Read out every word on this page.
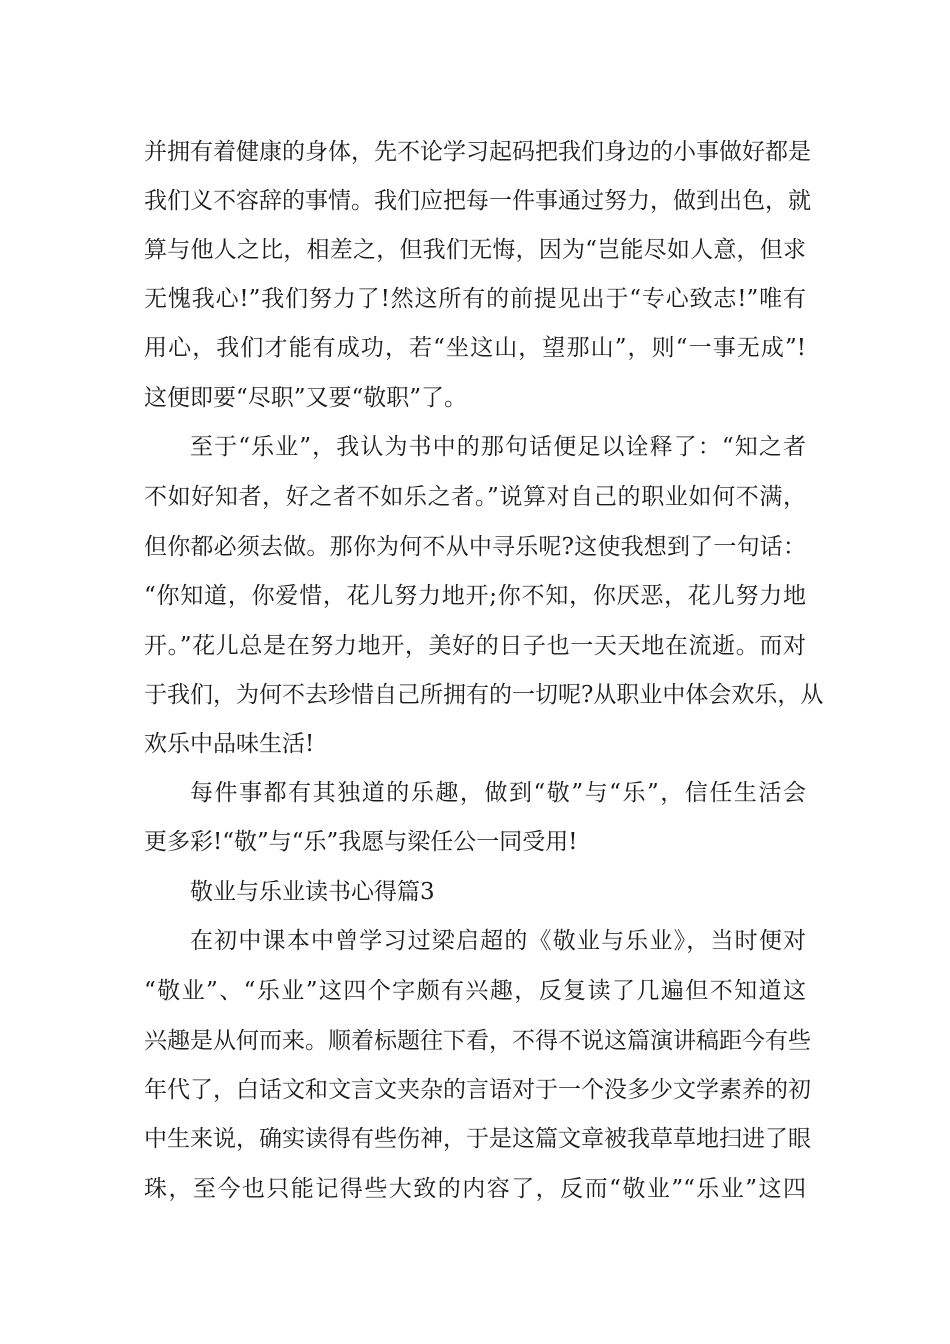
并拥有着健康的身体，先不论学习起码把我们身边的小事做好都是
我们义不容辞的事情。我们应把每一件事通过努力，做到出色，就
算与他人之比，相差之，但我们无悔，因为“岂能尽如人意，但求
无愧我心!”我们努力了!然这所有的前提见出于“专心致志!”唯有
用心，我们才能有成功，若“坐这山，望那山”，则“一事无成”!
这便即要“尽职”又要“敬职”了。
至于“乐业”，我认为书中的那句话便足以诠释了：“知之者
不如好知者，好之者不如乐之者。”说算对自己的职业如何不满，
但你都必须去做。那你为何不从中寻乐呢?这使我想到了一句话：
“你知道，你爱惜，花儿努力地开;你不知，你厌恶，花儿努力地
开。”花儿总是在努力地开，美好的日子也一天天地在流逝。而对
于我们，为何不去珍惜自己所拥有的一切呢?从职业中体会欢乐，从
欢乐中品味生活!
每件事都有其独道的乐趣，做到“敬”与“乐”，信任生活会
更多彩!“敬”与“乐”我愿与梁任公一同受用!
敬业与乐业读书心得篇3
在初中课本中曾学习过梁启超的《敬业与乐业》，当时便对
“敬业”、“乐业”这四个字颇有兴趣，反复读了几遍但不知道这
兴趣是从何而来。顺着标题往下看，不得不说这篇演讲稿距今有些
年代了，白话文和文言文夹杂的言语对于一个没多少文学素养的初
中生来说，确实读得有些伤神，于是这篇文章被我草草地扫进了眼
珠，至今也只能记得些大致的内容了，反而“敬业”“乐业”这四
